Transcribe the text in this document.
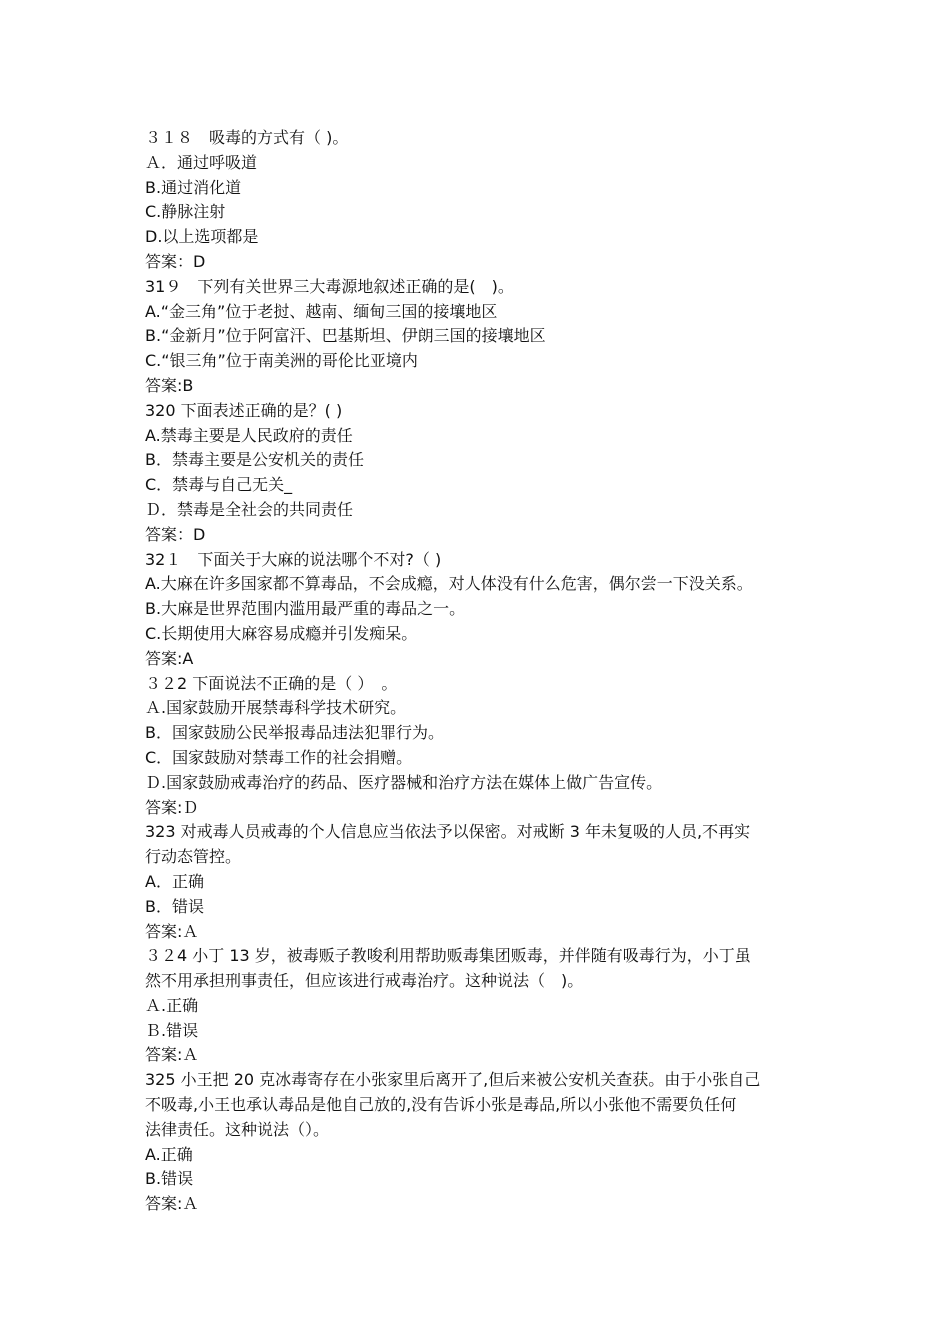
３１８　吸毒的方式有（ )。
Ａ．通过呼吸道
B.通过消化道
C.静脉注射
D.以上选项都是
答案：D
31９　下列有关世界三大毒源地叙述正确的是(　)。
A.“金三角”位于老挝、越南、缅甸三国的接壤地区
B.“金新月”位于阿富汗、巴基斯坦、伊朗三国的接壤地区
C.“银三角”位于南美洲的哥伦比亚境内
答案:B
320 下面表述正确的是？( )
A.禁毒主要是人民政府的责任
B．禁毒主要是公安机关的责任
C．禁毒与自己无关_
Ｄ．禁毒是全社会的共同责任
答案：D
32１　下面关于大麻的说法哪个不对?（ )
A.大麻在许多国家都不算毒品，不会成瘾，对人体没有什么危害，偶尔尝一下没关系。
B.大麻是世界范围内滥用最严重的毒品之一。
C.长期使用大麻容易成瘾并引发痴呆。
答案:A
３２2 下面说法不正确的是（ ）　。
Ａ.国家鼓励开展禁毒科学技术研究。
B．国家鼓励公民举报毒品违法犯罪行为。
C．国家鼓励对禁毒工作的社会捐赠。
Ｄ.国家鼓励戒毒治疗的药品、医疗器械和治疗方法在媒体上做广告宣传。
答案:Ｄ
323 对戒毒人员戒毒的个人信息应当依法予以保密。对戒断 3 年未复吸的人员,不再实
行动态管控。
A．正确
B．错误
答案:Ａ
３２4 小丁 13 岁，被毒贩子教唆利用帮助贩毒集团贩毒，并伴随有吸毒行为，小丁虽
然不用承担刑事责任，但应该进行戒毒治疗。这种说法（　)。
Ａ.正确
Ｂ.错误
答案:Ａ
325 小王把 20 克冰毒寄存在小张家里后离开了,但后来被公安机关查获。由于小张自己
不吸毒,小王也承认毒品是他自己放的,没有告诉小张是毒品,所以小张他不需要负任何
法律责任。这种说法（）。
A.正确
B.错误
答案:Ａ
